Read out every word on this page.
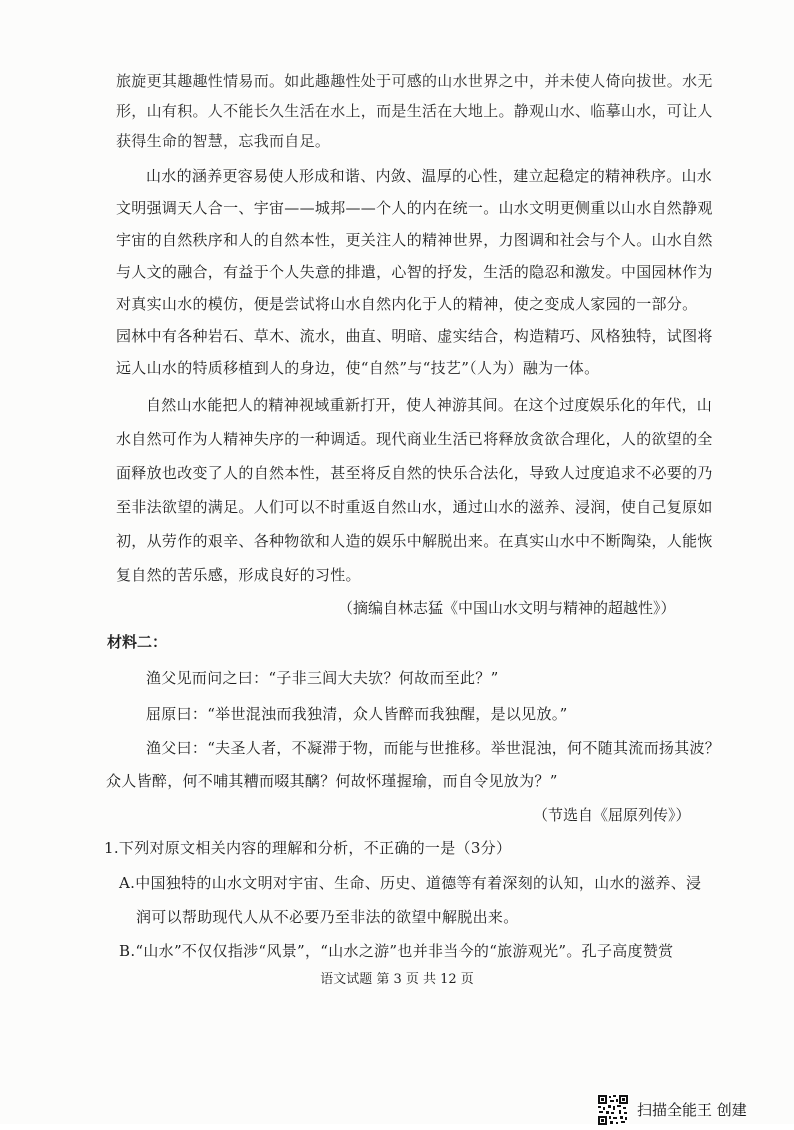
旅旋更其趣趣性情易而。如此趣趣性处于可感的山水世界之中，并未使人倚向拔世。水无
形，山有积。人不能长久生活在水上，而是生活在大地上。静观山水、临摹山水，可让人
获得生命的智慧，忘我而自足。
山水的涵养更容易使人形成和谐、内敛、温厚的心性，建立起稳定的精神秩序。山水
文明强调天人合一、宇宙——城邦——个人的内在统一。山水文明更侧重以山水自然静观
宇宙的自然秩序和人的自然本性，更关注人的精神世界，力图调和社会与个人。山水自然
与人文的融合，有益于个人失意的排遣，心智的抒发，生活的隐忍和激发。中国园林作为
对真实山水的模仿，便是尝试将山水自然内化于人的精神，使之变成人家园的一部分。
园林中有各种岩石、草木、流水，曲直、明暗、虚实结合，构造精巧、风格独特，试图将
远人山水的特质移植到人的身边，使“自然”与“技艺”（人为）融为一体。
自然山水能把人的精神视域重新打开，使人神游其间。在这个过度娱乐化的年代，山
水自然可作为人精神失序的一种调适。现代商业生活已将释放贪欲合理化，人的欲望的全
面释放也改变了人的自然本性，甚至将反自然的快乐合法化，导致人过度追求不必要的乃
至非法欲望的满足。人们可以不时重返自然山水，通过山水的滋养、浸润，使自己复原如
初，从劳作的艰辛、各种物欲和人造的娱乐中解脱出来。在真实山水中不断陶染，人能恢
复自然的苦乐感，形成良好的习性。
（摘编自林志猛《中国山水文明与精神的超越性》）
材料二：
渔父见而问之曰：“子非三闾大夫欤？何故而至此？”
屈原曰：“举世混浊而我独清，众人皆醉而我独醒，是以见放。”
渔父曰：“夫圣人者，不凝滞于物，而能与世推移。举世混浊，何不随其流而扬其波？
众人皆醉，何不哺其糟而啜其醨？何故怀瑾握瑜，而自令见放为？”
（节选自《屈原列传》）
1.下列对原文相关内容的理解和分析，不正确的一是（3分）
A.中国独特的山水文明对宇宙、生命、历史、道德等有着深刻的认知，山水的滋养、浸
润可以帮助现代人从不必要乃至非法的欲望中解脱出来。
B.“山水”不仅仅指涉“风景”，“山水之游”也并非当今的“旅游观光”。孔子高度赞赏
语文试题 第 3 页 共 12 页
扫描全能王 创建
